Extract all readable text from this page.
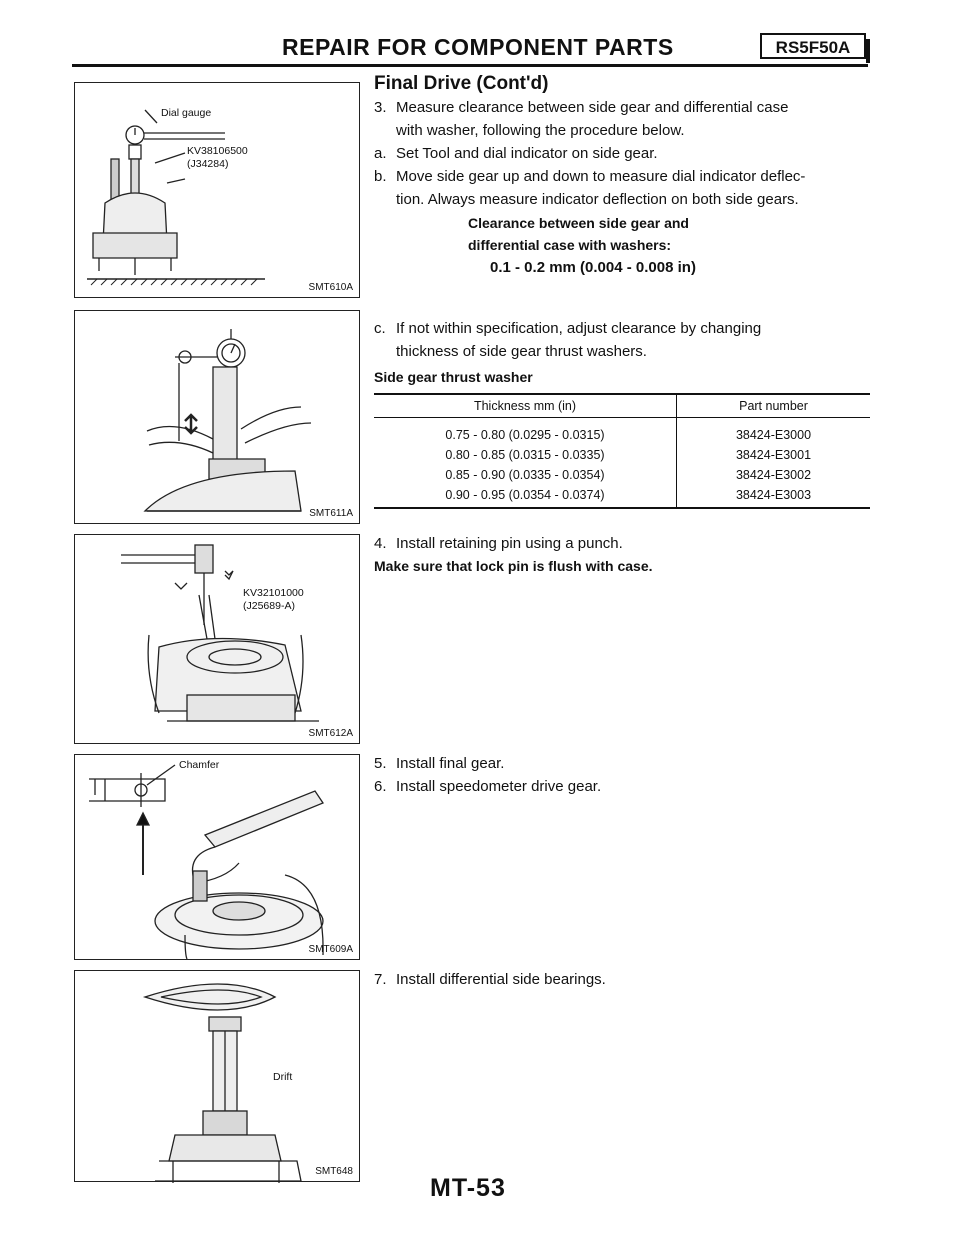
REPAIR FOR COMPONENT PARTS	RS5F50A
Dial gauge
KV38106500
(J34284)
SMT610A
SMT611A
KV32101000
(J25689-A)
SMT612A
Chamfer
SMT609A
Drift
SMT648
Final Drive (Cont'd)
3. Measure clearance between side gear and differential case
with washer, following the procedure below.
a. Set Tool and dial indicator on side gear.
b. Move side gear up and down to measure dial indicator deflec-
tion. Always measure indicator deflection on both side gears.
Clearance between side gear and
differential case with washers:
0.1 - 0.2 mm (0.004 - 0.008 in)
c. If not within specification, adjust clearance by changing
thickness of side gear thrust washers.
Side gear thrust washer
Thickness mm (in)	Part number
0.75 - 0.80 (0.0295 - 0.0315)	38424-E3000
0.80 - 0.85 (0.0315 - 0.0335)	38424-E3001
0.85 - 0.90 (0.0335 - 0.0354)	38424-E3002
0.90 - 0.95 (0.0354 - 0.0374)	38424-E3003
4. Install retaining pin using a punch.
Make sure that lock pin is flush with case.
5. Install final gear.
6. Install speedometer drive gear.
7. Install differential side bearings.
MT-53
